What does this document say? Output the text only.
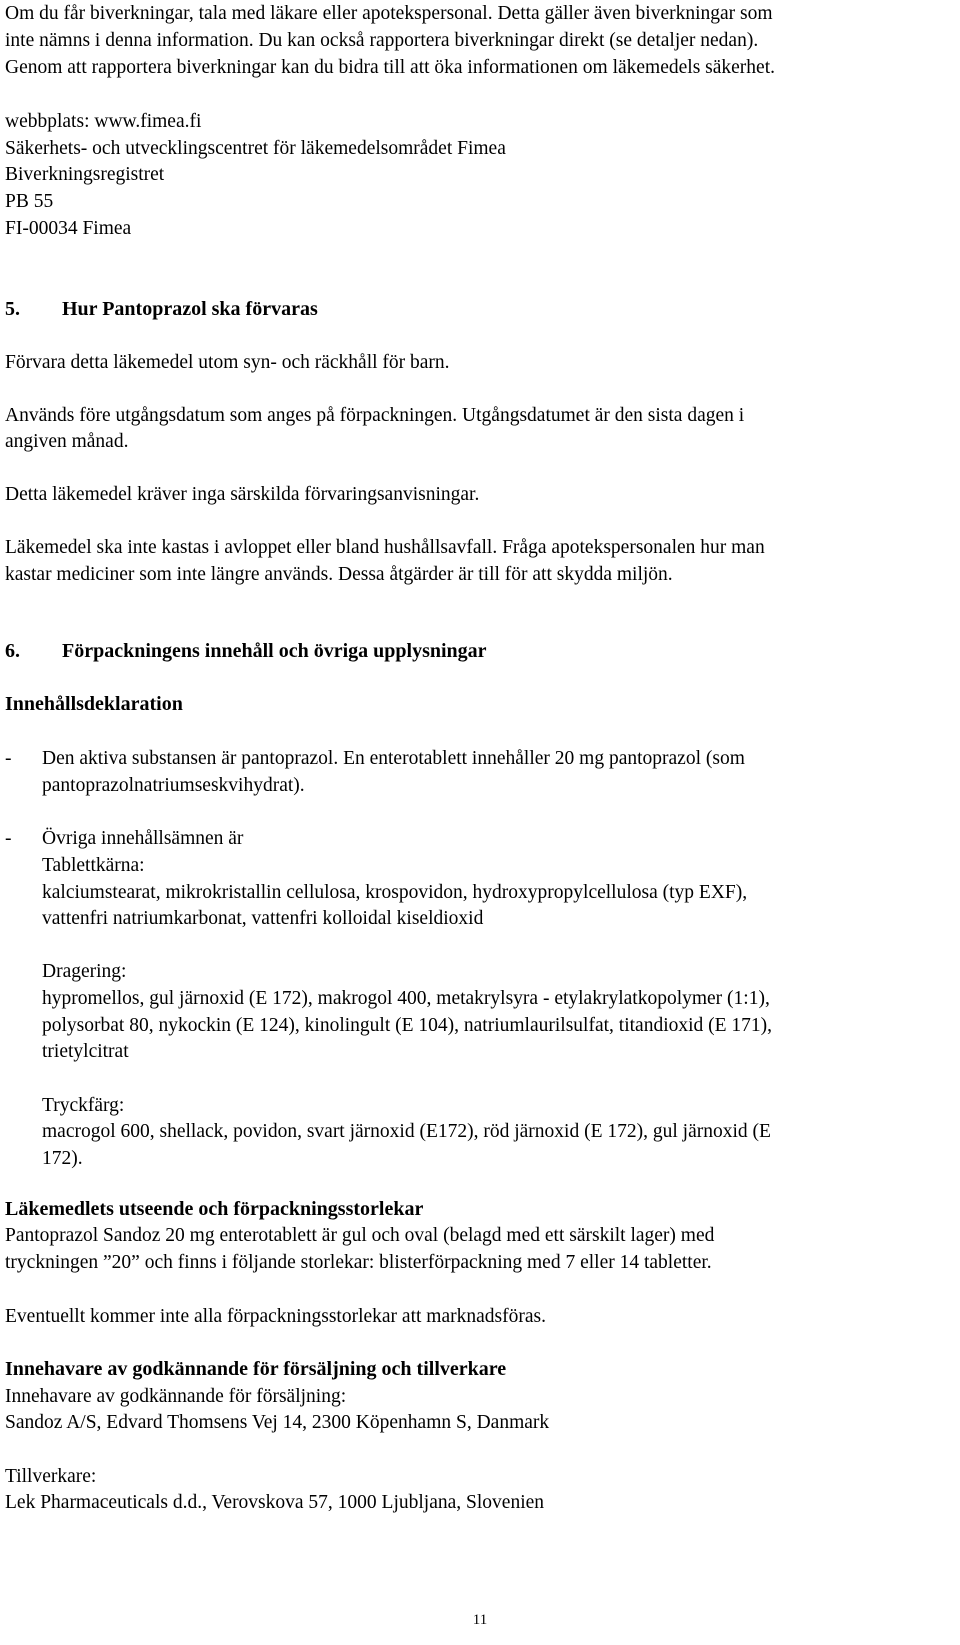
Om du får biverkningar, tala med läkare eller apotekspersonal. Detta gäller även biverkningar som

inte nämns i denna information. Du kan också rapportera biverkningar direkt (se detaljer nedan).

Genom att rapportera biverkningar kan du bidra till att öka informationen om läkemedels säkerhet.

webbplats: www.fimea.fi

Säkerhets- och utvecklingscentret för läkemedelsområdet Fimea

Biverkningsregistret

PB 55

FI-00034 Fimea

5. Hur Pantoprazol ska förvaras

Förvara detta läkemedel utom syn- och räckhåll för barn.

Används före utgångsdatum som anges på förpackningen. Utgångsdatumet är den sista dagen i

angiven månad.

Detta läkemedel kräver inga särskilda förvaringsanvisningar.

Läkemedel ska inte kastas i avloppet eller bland hushållsavfall. Fråga apotekspersonalen hur man

kastar mediciner som inte längre används. Dessa åtgärder är till för att skydda miljön.

6. Förpackningens innehåll och övriga upplysningar

Innehållsdeklaration

- Den aktiva substansen är pantoprazol. En enterotablett innehåller 20 mg pantoprazol (som

pantoprazolnatriumseskvihydrat).

- Övriga innehållsämnen är

Tablettkärna:

kalciumstearat, mikrokristallin cellulosa, krospovidon, hydroxypropylcellulosa (typ EXF),

vattenfri natriumkarbonat, vattenfri kolloidal kiseldioxid

Dragering:

hypromellos, gul järnoxid (E 172), makrogol 400, metakrylsyra - etylakrylatkopolymer (1:1),

polysorbat 80, nykockin (E 124), kinolingult (E 104), natriumlaurilsulfat, titandioxid (E 171),

trietylcitrat

Tryckfärg:

macrogol 600, shellack, povidon, svart järnoxid (E172), röd järnoxid (E 172), gul järnoxid (E

172).

Läkemedlets utseende och förpackningsstorlekar

Pantoprazol Sandoz 20 mg enterotablett är gul och oval (belagd med ett särskilt lager) med

tryckningen ”20” och finns i följande storlekar: blisterförpackning med 7 eller 14 tabletter.

Eventuellt kommer inte alla förpackningsstorlekar att marknadsföras.

Innehavare av godkännande för försäljning och tillverkare

Innehavare av godkännande för försäljning:

Sandoz A/S, Edvard Thomsens Vej 14, 2300 Köpenhamn S, Danmark

Tillverkare:

Lek Pharmaceuticals d.d., Verovskova 57, 1000 Ljubljana, Slovenien

11
